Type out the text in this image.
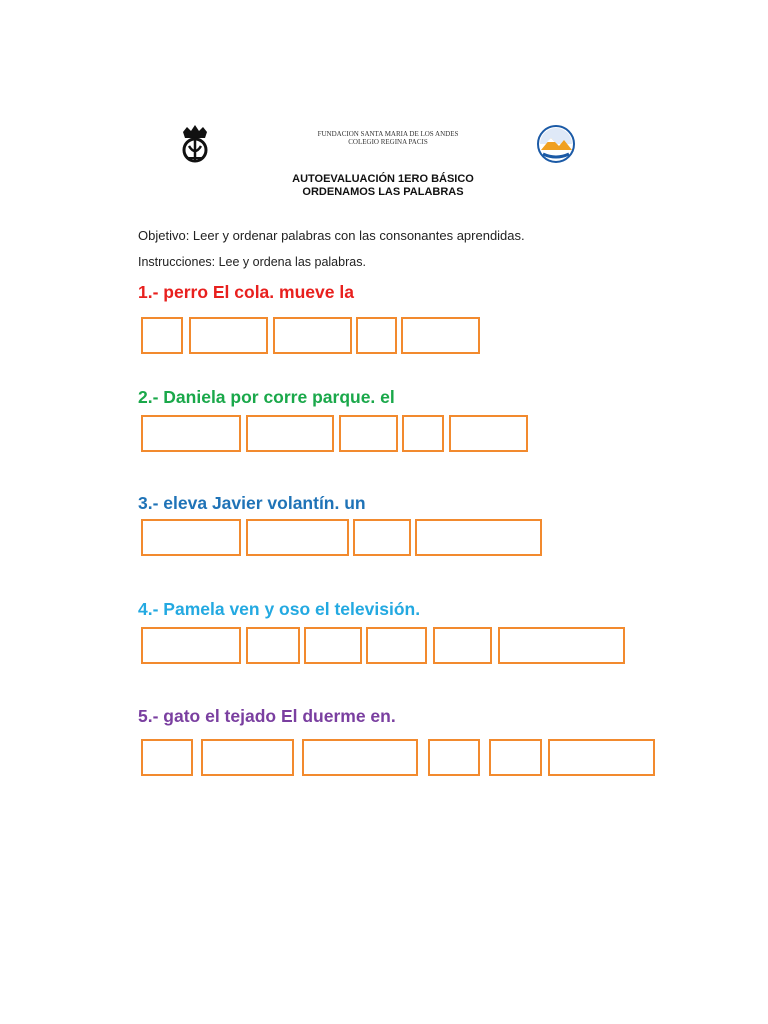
FUNDACION SANTA MARIA DE LOS ANDES
COLEGIO REGINA PACIS
AUTOEVALUACIÓN 1ERO BÁSICO
ORDENAMOS LAS PALABRAS
Objetivo: Leer y ordenar palabras con las consonantes aprendidas.
Instrucciones: Lee y ordena las palabras.
1.- perro El cola. mueve la
2.- Daniela por corre parque. el
3.- eleva Javier volantín. un
4.- Pamela ven y oso el televisión.
5.- gato el tejado El duerme en.
